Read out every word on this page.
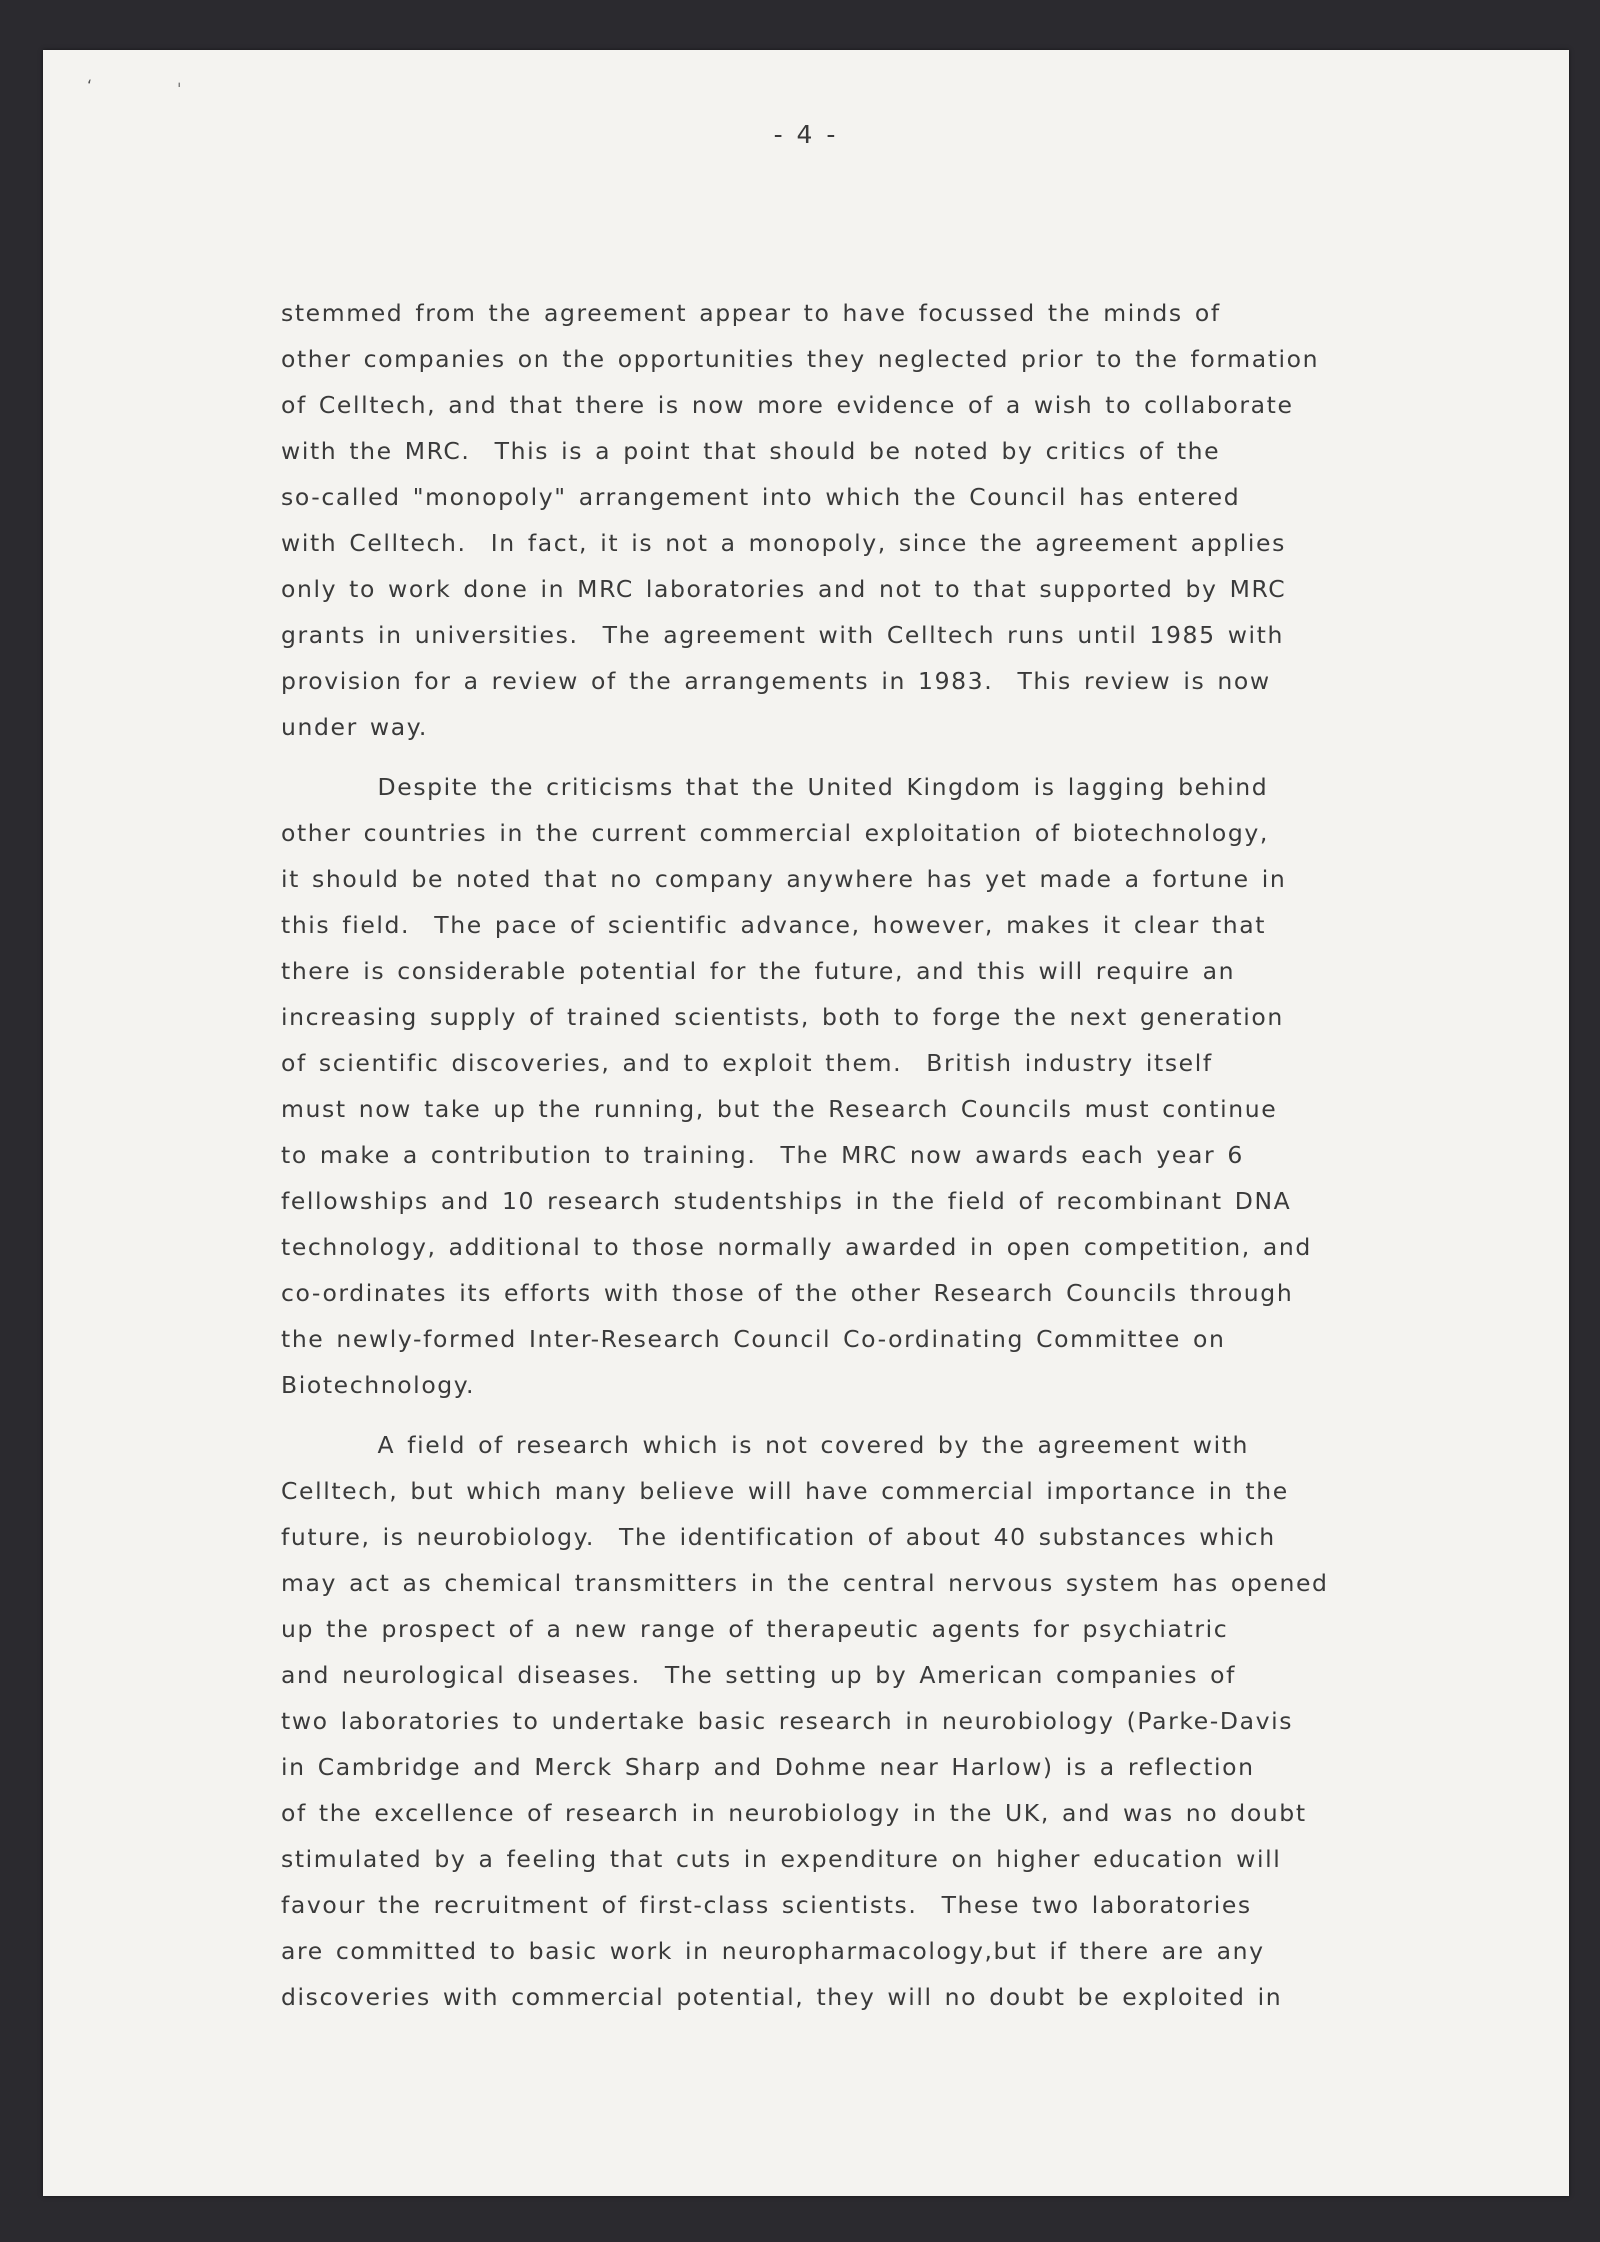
‘	ˈ
- 4 -
stemmed from the agreement appear to have focussed the minds of
other companies on the opportunities they neglected prior to the formation
of Celltech, and that there is now more evidence of a wish to collaborate
with the MRC.  This is a point that should be noted by critics of the
so-called "monopoly" arrangement into which the Council has entered
with Celltech.  In fact, it is not a monopoly, since the agreement applies
only to work done in MRC laboratories and not to that supported by MRC
grants in universities.  The agreement with Celltech runs until 1985 with
provision for a review of the arrangements in 1983.  This review is now
under way.
Despite the criticisms that the United Kingdom is lagging behind
other countries in the current commercial exploitation of biotechnology,
it should be noted that no company anywhere has yet made a fortune in
this field.  The pace of scientific advance, however, makes it clear that
there is considerable potential for the future, and this will require an
increasing supply of trained scientists, both to forge the next generation
of scientific discoveries, and to exploit them.  British industry itself
must now take up the running, but the Research Councils must continue
to make a contribution to training.  The MRC now awards each year 6
fellowships and 10 research studentships in the field of recombinant DNA
technology, additional to those normally awarded in open competition, and
co-ordinates its efforts with those of the other Research Councils through
the newly-formed Inter-Research Council Co-ordinating Committee on
Biotechnology.
A field of research which is not covered by the agreement with
Celltech, but which many believe will have commercial importance in the
future, is neurobiology.  The identification of about 40 substances which
may act as chemical transmitters in the central nervous system has opened
up the prospect of a new range of therapeutic agents for psychiatric
and neurological diseases.  The setting up by American companies of
two laboratories to undertake basic research in neurobiology (Parke-Davis
in Cambridge and Merck Sharp and Dohme near Harlow) is a reflection
of the excellence of research in neurobiology in the UK, and was no doubt
stimulated by a feeling that cuts in expenditure on higher education will
favour the recruitment of first-class scientists.  These two laboratories
are committed to basic work in neuropharmacology,but if there are any
discoveries with commercial potential, they will no doubt be exploited in
